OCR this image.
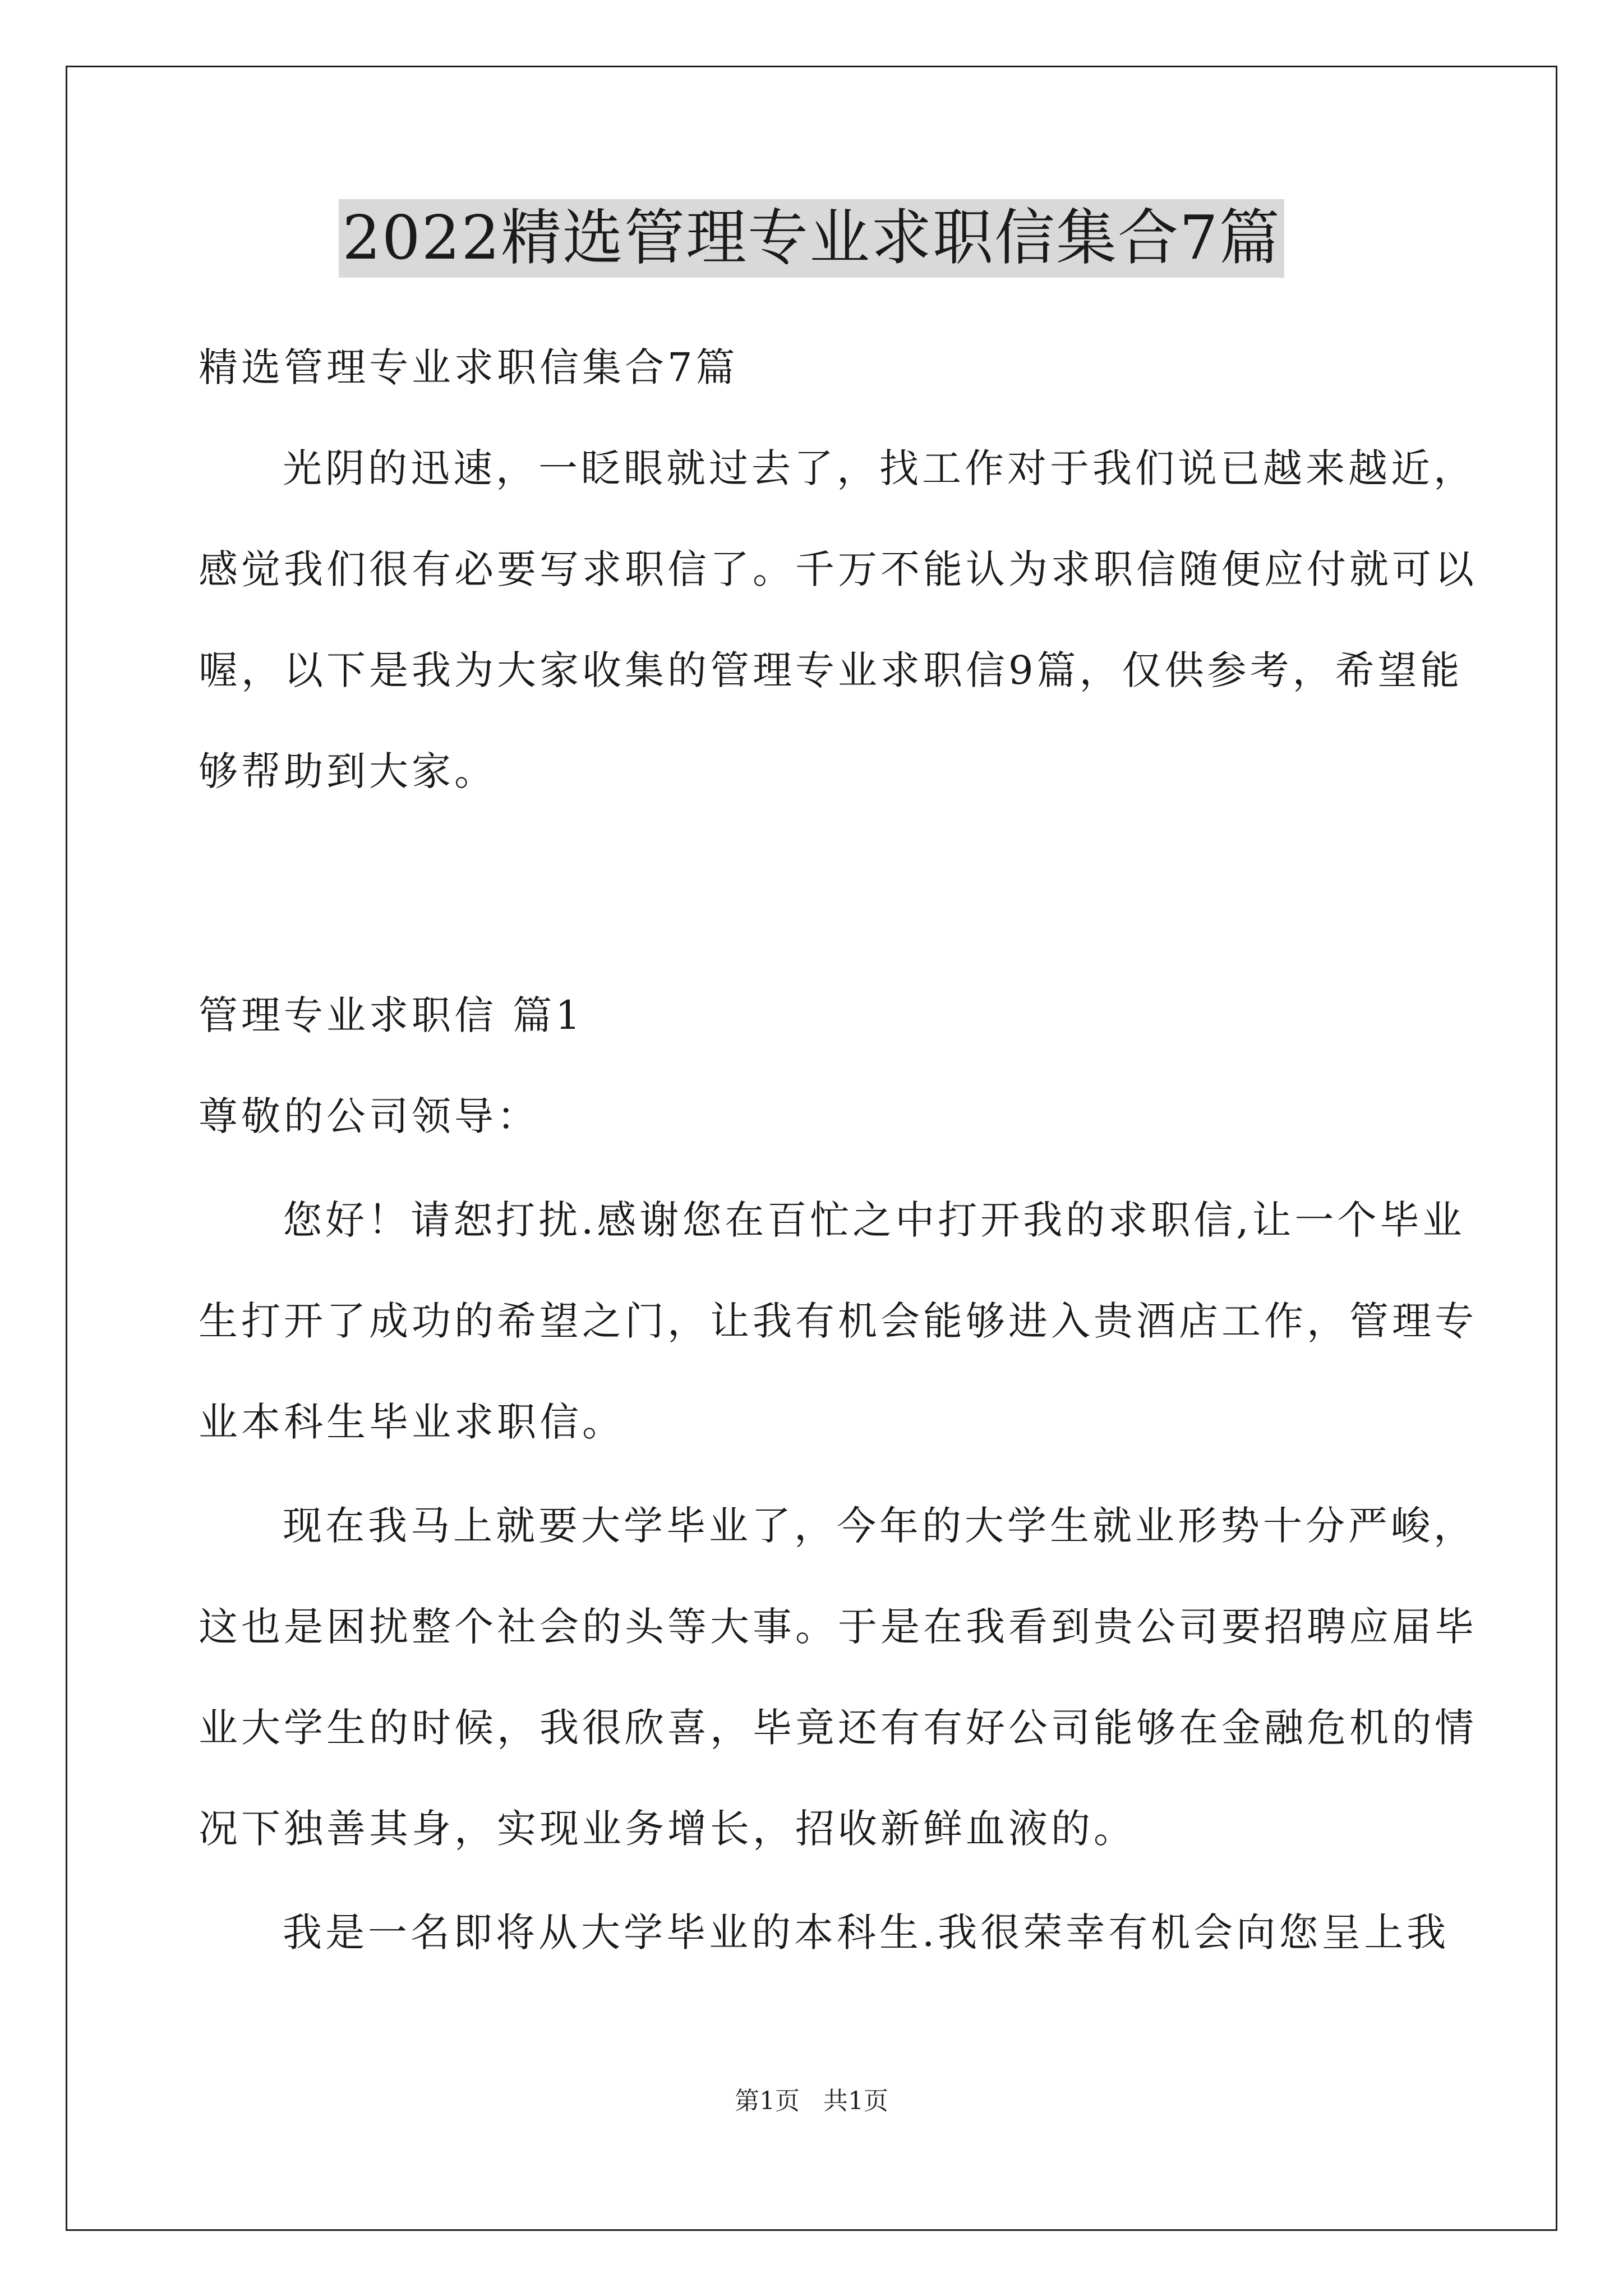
2022精选管理专业求职信集合7篇
精选管理专业求职信集合7篇
光阴的迅速，一眨眼就过去了，找工作对于我们说已越来越近，
感觉我们很有必要写求职信了。千万不能认为求职信随便应付就可以
喔，以下是我为大家收集的管理专业求职信9篇，仅供参考，希望能
够帮助到大家。
管理专业求职信 篇1
尊敬的公司领导：
您好！请恕打扰.感谢您在百忙之中打开我的求职信,让一个毕业
生打开了成功的希望之门，让我有机会能够进入贵酒店工作，管理专
业本科生毕业求职信。
现在我马上就要大学毕业了，今年的大学生就业形势十分严峻，
这也是困扰整个社会的头等大事。于是在我看到贵公司要招聘应届毕
业大学生的时候，我很欣喜，毕竟还有有好公司能够在金融危机的情
况下独善其身，实现业务增长，招收新鲜血液的。
我是一名即将从大学毕业的本科生.我很荣幸有机会向您呈上我
第1页 共1页
